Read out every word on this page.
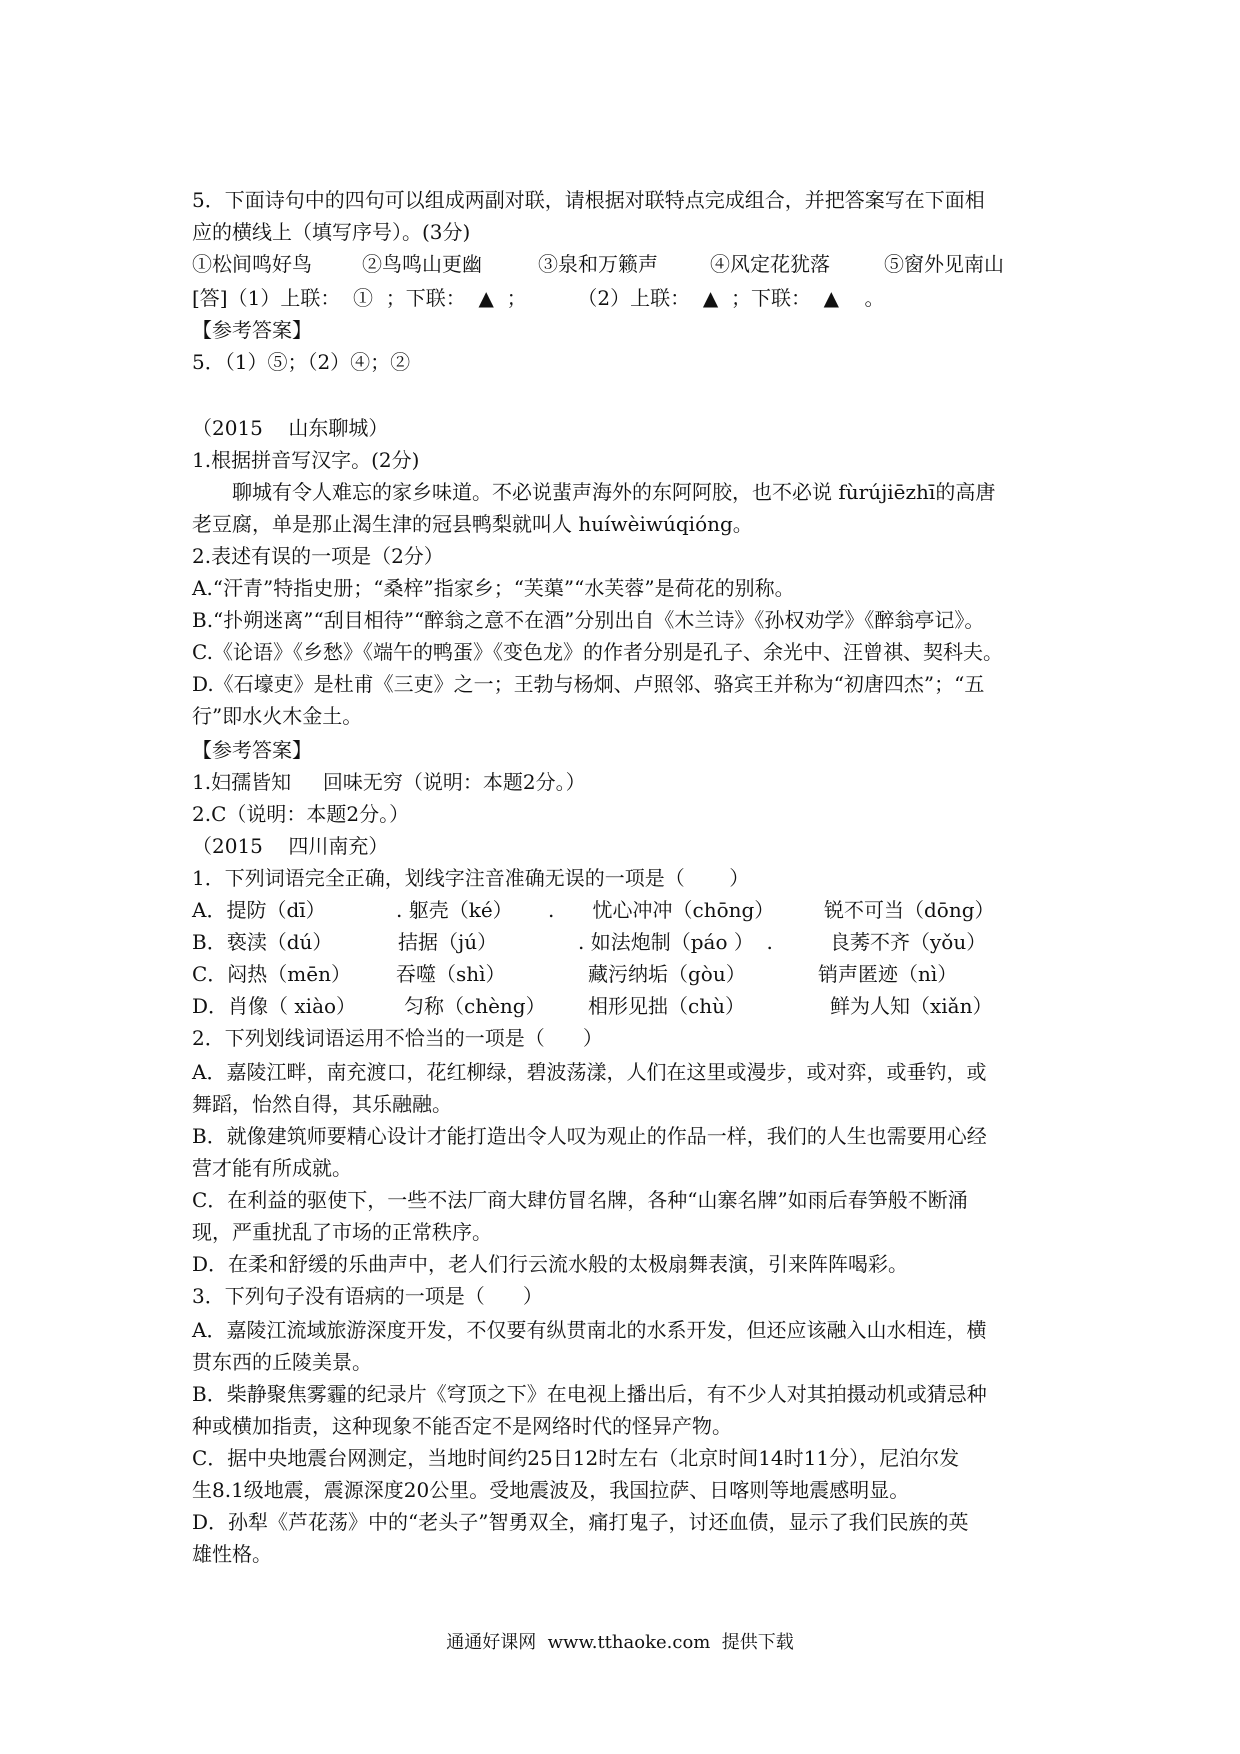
5．下面诗句中的四句可以组成两副对联，请根据对联特点完成组合，并把答案写在下面相
应的横线上（填写序号）。(3分)
①松间鸣好鸟	②鸟鸣山更幽	③泉和万籁声	④风定花犹落	⑤窗外见南山
[答]（1）上联：  ①  ；下联：  ▲  ；        （2）上联：  ▲  ；下联：  ▲    。
【参考答案】
5．（1）⑤；（2）④；②
（2015    山东聊城）
1.根据拼音写汉字。(2分)
聊城有令人难忘的家乡味道。不必说蜚声海外的东阿阿胶，也不必说 fùrújiēzhī的高唐
老豆腐，单是那止渴生津的冠县鸭梨就叫人 huíwèiwúqióng。
2.表述有误的一项是（2分）
A.“汗青”特指史册；“桑梓”指家乡；“芙蕖”“水芙蓉”是荷花的别称。
B.“扑朔迷离”“刮目相待”“醉翁之意不在酒”分别出自《木兰诗》《孙权劝学》《醉翁亭记》。
C.《论语》《乡愁》《端午的鸭蛋》《变色龙》的作者分别是孔子、余光中、汪曾祺、契科夫。
D.《石壕吏》是杜甫《三吏》之一；王勃与杨炯、卢照邻、骆宾王并称为“初唐四杰”；“五
行”即水火木金土。
【参考答案】
1.妇孺皆知     回味无穷（说明：本题2分。）
2.C（说明：本题2分。）
（2015    四川南充）
1．下列词语完全正确，划线字注音准确无误的一项是（       ）
A．提防（dī）	. 躯壳（ké） .      忧心冲冲（chōng） 锐不可当（dōng）
B．亵渎（dú）	拮据（jú）	. 如法炮制（páo ）  .	良莠不齐（yǒu）
C．闷热（mēn） 吞噬（shì）	藏污纳垢（gòu）	销声匿迹（nì）
D．肖像（ xiào） 匀称（chèng） 相形见拙（chù）	鲜为人知（xiǎn）
2．下列划线词语运用不恰当的一项是（      ）
A．嘉陵江畔，南充渡口，花红柳绿，碧波荡漾，人们在这里或漫步，或对弈，或垂钓，或
舞蹈，怡然自得，其乐融融。
B．就像建筑师要精心设计才能打造出令人叹为观止的作品一样，我们的人生也需要用心经
营才能有所成就。
C．在利益的驱使下，一些不法厂商大肆仿冒名牌，各种“山寨名牌”如雨后春笋般不断涌
现，严重扰乱了市场的正常秩序。
D．在柔和舒缓的乐曲声中，老人们行云流水般的太极扇舞表演，引来阵阵喝彩。
3．下列句子没有语病的一项是（      ）
A．嘉陵江流域旅游深度开发，不仅要有纵贯南北的水系开发，但还应该融入山水相连，横
贯东西的丘陵美景。
B．柴静聚焦雾霾的纪录片《穹顶之下》在电视上播出后，有不少人对其拍摄动机或猜忌种
种或横加指责，这种现象不能否定不是网络时代的怪异产物。
C．据中央地震台网测定，当地时间约25日12时左右（北京时间14时11分），尼泊尔发
生8.1级地震，震源深度20公里。受地震波及，我国拉萨、日喀则等地震感明显。
D．孙犁《芦花荡》中的“老头子”智勇双全，痛打鬼子，讨还血债，显示了我们民族的英
雄性格。
通通好课网  www.tthaoke.com  提供下载
